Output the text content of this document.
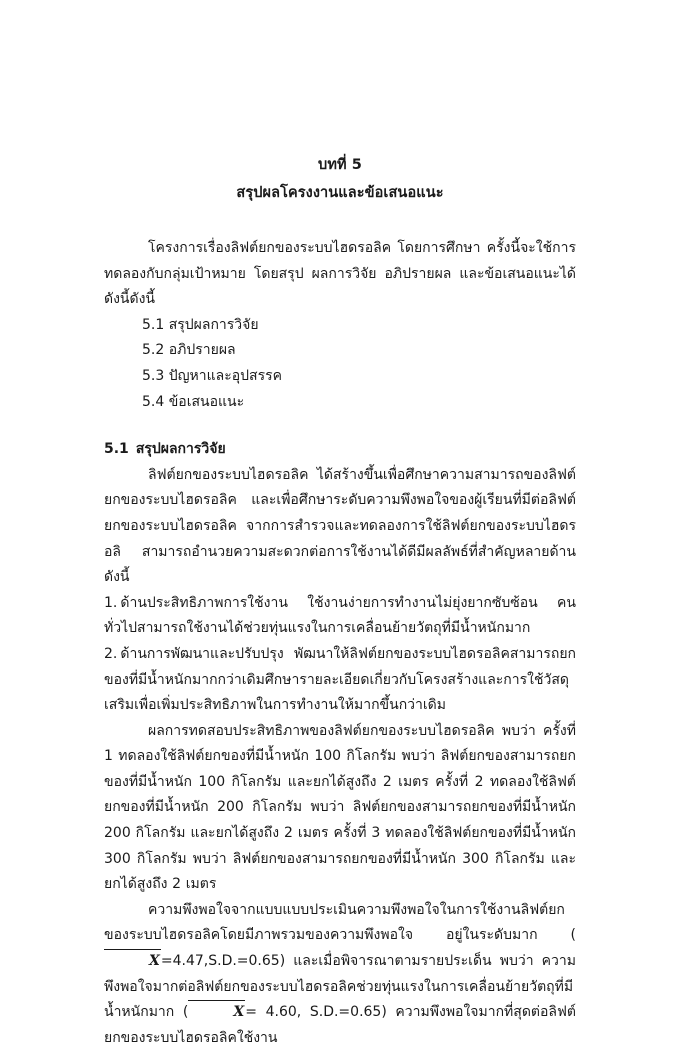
บทที่ 5
สรุปผลโครงงานและข้อเสนอแนะ

โครงการเรื่องลิฟต์ยกของระบบไฮดรอลิค โดยการศึกษา ครั้งนี้จะใช้การทดลองกับกลุ่มเป้าหมาย โดยสรุป ผลการวิจัย อภิปรายผล และข้อเสนอแนะได้ ดังนี้ดังนี้

5.1 สรุปผลการวิจัย
5.2 อภิปรายผล
5.3 ปัญหาและอุปสรรค
5.4 ข้อเสนอแนะ
5.1 สรุปผลการวิจัย

ลิฟต์ยกของระบบไฮดรอลิค ได้สร้างขึ้นเพื่อศึกษาความสามารถของลิฟต์ยกของระบบไฮดรอลิค และเพื่อศึกษาระดับความพึงพอใจของผู้เรียนที่มีต่อลิฟต์ยกของระบบไฮดรอลิค จากการสำรวจและทดลองการใช้ลิฟต์ยกของระบบไฮดรอลิ สามารถอำนวยความสะดวกต่อการใช้งานได้ดีมีผลลัพธ์ที่สำคัญหลายด้าน ดังนี้

1. ด้านประสิทธิภาพการใช้งาน ใช้งานง่ายการทำงานไม่ยุ่งยากซับซ้อน คนทั่วไปสามารถใช้งานได้ช่วยทุ่นแรงในการเคลื่อนย้ายวัตถุที่มีน้ำหนักมาก

2. ด้านการพัฒนาและปรับปรุง พัฒนาให้ลิฟต์ยกของระบบไฮดรอลิคสามารถยกของที่มีน้ำหนักมากกว่าเดิมศึกษารายละเอียดเกี่ยวกับโครงสร้างและการใช้วัสดุเสริมเพื่อเพิ่มประสิทธิภาพในการทำงานให้มากขึ้นกว่าเดิม

ผลการทดสอบประสิทธิภาพของลิฟต์ยกของระบบไฮดรอลิค พบว่า ครั้งที่ 1 ทดลองใช้ลิฟต์ยกของที่มีน้ำหนัก 100 กิโลกรัม พบว่า ลิฟต์ยกของสามารถยกของที่มีน้ำหนัก 100 กิโลกรัม และยกได้สูงถึง 2 เมตร ครั้งที่ 2 ทดลองใช้ลิฟต์ยกของที่มีน้ำหนัก 200 กิโลกรัม พบว่า ลิฟต์ยกของสามารถยกของที่มีน้ำหนัก 200 กิโลกรัม และยกได้สูงถึง 2 เมตร ครั้งที่ 3 ทดลองใช้ลิฟต์ยกของที่มีน้ำหนัก 300 กิโลกรัม พบว่า ลิฟต์ยกของสามารถยกของที่มีน้ำหนัก 300 กิโลกรัม และยกได้สูงถึง 2 เมตร

ความพึงพอใจจากแบบแบบประเมินความพึงพอใจในการใช้งานลิฟต์ยกของระบบไฮดรอลิคโดยมีภาพรวมของความพึงพอใจ อยู่ในระดับมาก (X=4.47,S.D.=0.65) และเมื่อพิจารณาตามรายประเด็น พบว่า ความพึงพอใจมากต่อลิฟต์ยกของระบบไฮดรอลิคช่วยทุ่นแรงในการเคลื่อนย้ายวัตถุที่มีน้ำหนักมาก (	X= 4.60, S.D.=0.65) ความพึงพอใจมากที่สุดต่อลิฟต์ยกของระบบไฮดรอลิคใช้งาน
